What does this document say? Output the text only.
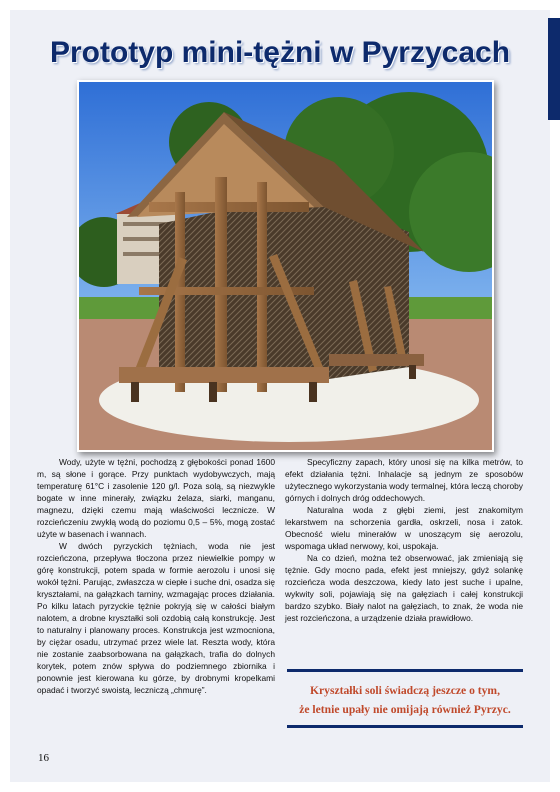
Prototyp mini-tężni w Pyrzycach

Wody, użyte w tężni, pochodzą z głębokości ponad 1600 m, są słone i gorące. Przy punktach wydobywczych, mają temperaturę 61°C i zasolenie 120 g/l. Poza solą, są niezwykle bogate w inne minerały, związku żelaza, siarki, manganu, magnezu, dzięki czemu mają właściwości lecznicze. W rozcieńczeniu zwykłą wodą do poziomu 0,5 – 5%, mogą zostać użyte w basenach i wannach.

W dwóch pyrzyckich tężniach, woda nie jest rozcieńczona, przepływa tłoczona przez niewielkie pompy w górę konstrukcji, potem spada w formie aerozolu i unosi się wokół tężni. Parując, zwłaszcza w ciepłe i suche dni, osadza się kryształami, na gałązkach tarniny, wzmagając proces działania. Po kilku latach pyrzyckie tężnie pokryją się w całości białym nalotem, a drobne kryształki soli ozdobią całą konstrukcję. Jest to naturalny i planowany proces. Konstrukcja jest wzmocniona, by ciężar osadu, utrzymać przez wiele lat. Reszta wody, która nie zostanie zaabsorbowana na gałązkach, trafia do dolnych korytek, potem znów spływa do podziemnego zbiornika i ponownie jest kierowana ku górze, by drobnymi kropelkami opadać i tworzyć swoistą, leczniczą „chmurę”.

Specyficzny zapach, który unosi się na kilka metrów, to efekt działania tężni. Inhalacje są jednym ze sposobów użytecznego wykorzystania wody termalnej, która leczą choroby górnych i dolnych dróg oddechowych.

Naturalna woda z głębi ziemi, jest znakomitym lekarstwem na schorzenia gardła, oskrzeli, nosa i zatok. Obecność wielu minerałów w unoszącym się aerozolu, wspomaga układ nerwowy, koi, uspokaja.

Na co dzień, można też obserwować, jak zmieniają się tężnie. Gdy mocno pada, efekt jest mniejszy, gdyż solankę rozcieńcza woda deszczowa, kiedy lato jest suche i upalne, wykwity soli, pojawiają się na gałęziach i całej konstrukcji bardzo szybko. Biały nalot na gałęziach, to znak, że woda nie jest rozcieńczona, a urządzenie działa prawidłowo.

Kryształki soli świadczą jeszcze o tym,
że letnie upały nie omijają również Pyrzyc.
16
